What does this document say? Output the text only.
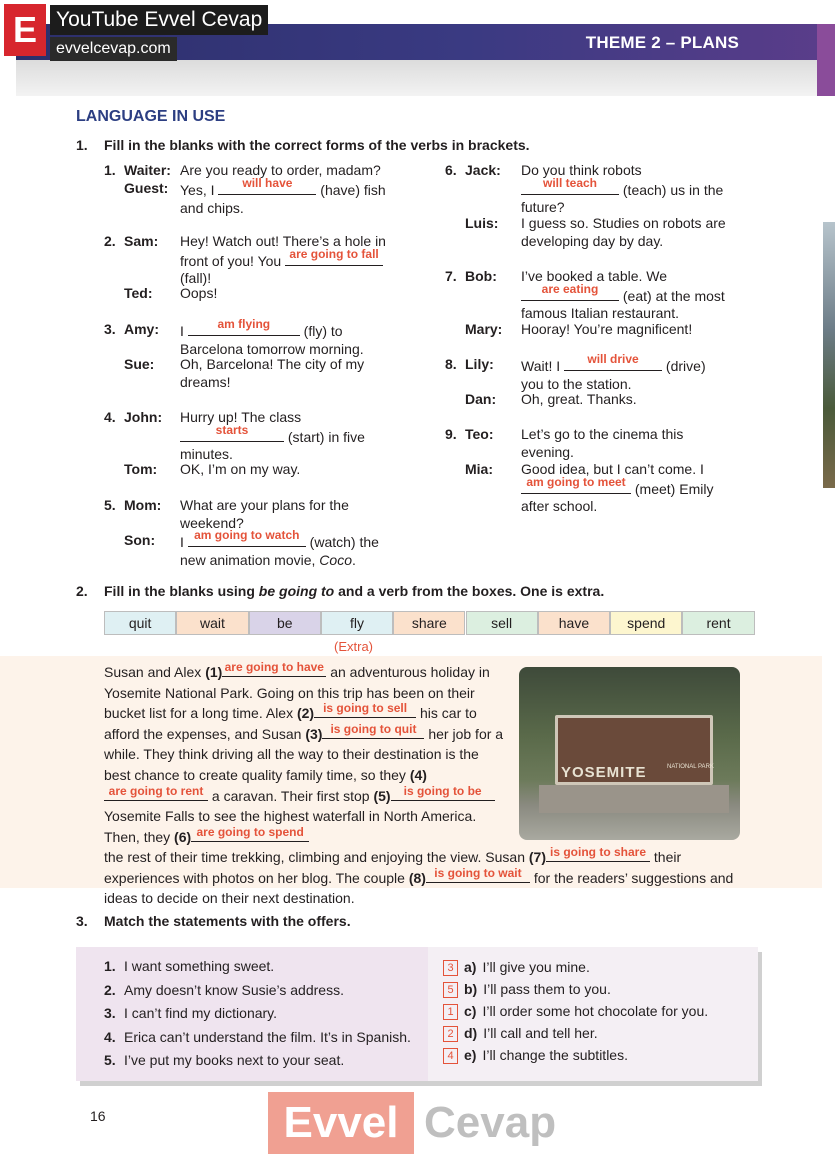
THEME 2 – PLANS
E YouTube Evvel Cevap
evvelcevap.com
LANGUAGE IN USE
1. Fill in the blanks with the correct forms of the verbs in brackets.
1. Waiter: Are you ready to order, madam?
Guest: Yes, I	will have	(have) fish and chips.
2. Sam: Hey! Watch out! There’s a hole in front of you! You are going to fall
(fall)!
Ted: Oops!
3. Amy: I	am flying	(fly) to Barcelona tomorrow morning.
Sue: Oh, Barcelona! The city of my dreams!
4. John: Hurry up! The class
starts	(start) in five minutes.
Tom: OK, I’m on my way.
5. Mom: What are your plans for the weekend?
Son: I am going to watch (watch) the new animation movie, Coco.
6. Jack: Do you think robots
will teach	(teach) us in the future?
Luis: I guess so. Studies on robots are developing day by day.
7. Bob: I’ve booked a table. We
are eating	(eat) at the most famous Italian restaurant.
Mary: Hooray! You’re magnificent!
8. Lily: Wait! I	will drive	(drive) you to the station.
Dan: Oh, great. Thanks.
9. Teo: Let’s go to the cinema this evening.
Mia: Good idea, but I can’t come. I
am going to meet (meet) Emily after school.
2. Fill in the blanks using be going to and a verb from the boxes. One is extra.
quit	wait	be	fly	share	sell	have	spend	rent
(Extra)
Susan and Alex (1) are going to have an adventurous holiday in Yosemite National Park. Going on this trip has been on their bucket list for a long time. Alex (2) is going to sell his car to afford the expenses, and Susan (3) is going to quit her job for a while. They think driving all the way to their destination is the best chance to create quality family time, so they (4)
are going to rent a caravan. Their first stop (5)	is going to be
Yosemite Falls to see the highest waterfall in North America. Then, they (6) are going to spend
the rest of their time trekking, climbing and enjoying the view. Susan (7) is going to share their experiences with photos on her blog. The couple (8) is going to wait for the readers’ suggestions and ideas to decide on their next destination.
YOSEMITE	NATIONAL PARK
3. Match the statements with the offers.
1. I want something sweet.
2. Amy doesn’t know Susie’s address.
3. I can’t find my dictionary.
4. Erica can’t understand the film. It’s in Spanish.
5. I’ve put my books next to your seat.
3 a) I’ll give you mine.
5 b) I’ll pass them to you.
1 c) I’ll order some hot chocolate for you.
2 d) I’ll call and tell her.
4 e) I’ll change the subtitles.
16	Evvel Cevap
